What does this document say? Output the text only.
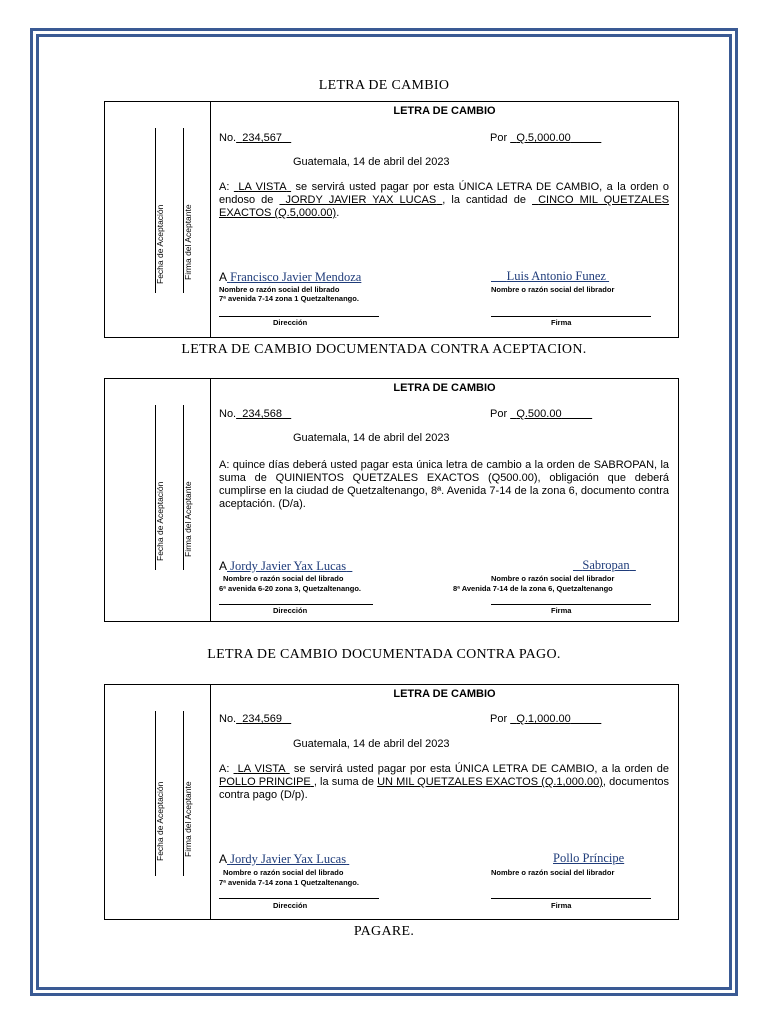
LETRA DE CAMBIO
Fecha de Aceptación Firma del Aceptante
LETRA DE CAMBIO
No. 234,567	Por Q.5,000.00
Guatemala, 14 de abril del 2023
A:  LA VISTA  se servirá usted pagar por esta ÚNICA LETRA DE CAMBIO, a la orden o endoso de  JORDY JAVIER YAX LUCAS , la cantidad de  CINCO MIL QUETZALES EXACTOS (Q.5,000.00).
A Francisco Javier Mendoza	Luis Antonio Funez
Nombre o razón social del librado	Nombre o razón social del librador
7ª avenida 7-14 zona 1 Quetzaltenango.
Dirección	Firma
LETRA DE CAMBIO DOCUMENTADA CONTRA ACEPTACION.
Fecha de Aceptación Firma del Aceptante
LETRA DE CAMBIO
No. 234,568	Por Q.500.00
Guatemala, 14 de abril del 2023
A: quince días deberá usted pagar esta única letra de cambio a la orden de SABROPAN, la suma de QUINIENTOS QUETZALES EXACTOS (Q500.00), obligación que deberá cumplirse en la ciudad de Quetzaltenango, 8ª. Avenida 7-14 de la zona 6, documento contra aceptación. (D/a).
A Jordy Javier Yax Lucas	Sabropan
Nombre o razón social del librado	Nombre o razón social del librador
6ª avenida 6-20 zona 3, Quetzaltenango.	8ª Avenida 7-14 de la zona 6, Quetzaltenango
Dirección	Firma
LETRA DE CAMBIO DOCUMENTADA CONTRA PAGO.
Fecha de Aceptación Firma del Aceptante
LETRA DE CAMBIO
No. 234,569	Por Q.1,000.00
Guatemala, 14 de abril del 2023
A:  LA VISTA  se servirá usted pagar por esta ÚNICA LETRA DE CAMBIO, a la orden de POLLO PRINCIPE , la suma de UN MIL QUETZALES EXACTOS (Q.1,000.00), documentos contra pago (D/p).
A Jordy Javier Yax Lucas	Pollo Príncipe
Nombre o razón social del librado	Nombre o razón social del librador
7ª avenida 7-14 zona 1 Quetzaltenango.
Dirección	Firma
PAGARE.
